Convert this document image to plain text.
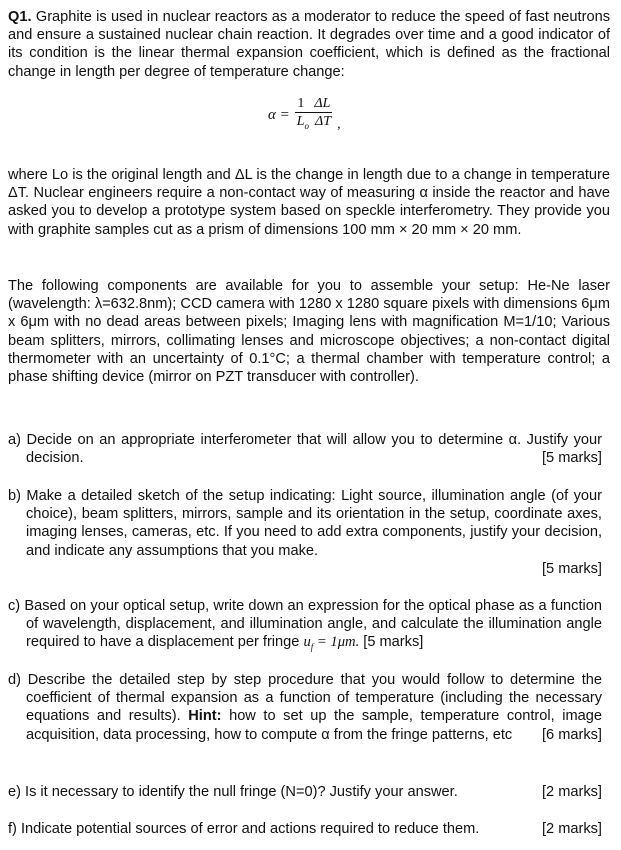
Q1. Graphite is used in nuclear reactors as a moderator to reduce the speed of fast neutrons and ensure a sustained nuclear chain reaction. It degrades over time and a good indicator of its condition is the linear thermal expansion coefficient, which is defined as the fractional change in length per degree of temperature change:

$\alpha = \frac{1 \Delta L}{L_o \Delta T}$ ,

where Lo is the original length and ΔL is the change in length due to a change in temperature ΔT. Nuclear engineers require a non-contact way of measuring α inside the reactor and have asked you to develop a prototype system based on speckle interferometry. They provide you with graphite samples cut as a prism of dimensions 100 mm × 20 mm × 20 mm.

The following components are available for you to assemble your setup: He-Ne laser (wavelength: λ=632.8nm); CCD camera with 1280 x 1280 square pixels with dimensions 6μm x 6μm with no dead areas between pixels; Imaging lens with magnification M=1/10; Various beam splitters, mirrors, collimating lenses and microscope objectives; a non-contact digital thermometer with an uncertainty of 0.1°C; a thermal chamber with temperature control; a phase shifting device (mirror on PZT transducer with controller).

a) Decide on an appropriate interferometer that will allow you to determine α. Justify your decision.	[5 marks]
b) Make a detailed sketch of the setup indicating: Light source, illumination angle (of your choice), beam splitters, mirrors, sample and its orientation in the setup, coordinate axes, imaging lenses, cameras, etc. If you need to add extra components, justify your decision, and indicate any assumptions that you make.
[5 marks]
c) Based on your optical setup, write down an expression for the optical phase as a function of wavelength, displacement, and illumination angle, and calculate the illumination angle required to have a displacement per fringe $u_f = 1\mu m$. [5 marks]
d) Describe the detailed step by step procedure that you would follow to determine the coefficient of thermal expansion as a function of temperature (including the necessary equations and results). Hint: how to set up the sample, temperature control, image acquisition, data processing, how to compute α from the fringe patterns, etc	[6 marks]
e) Is it necessary to identify the null fringe (N=0)? Justify your answer.	[2 marks]
f) Indicate potential sources of error and actions required to reduce them.	[2 marks]
